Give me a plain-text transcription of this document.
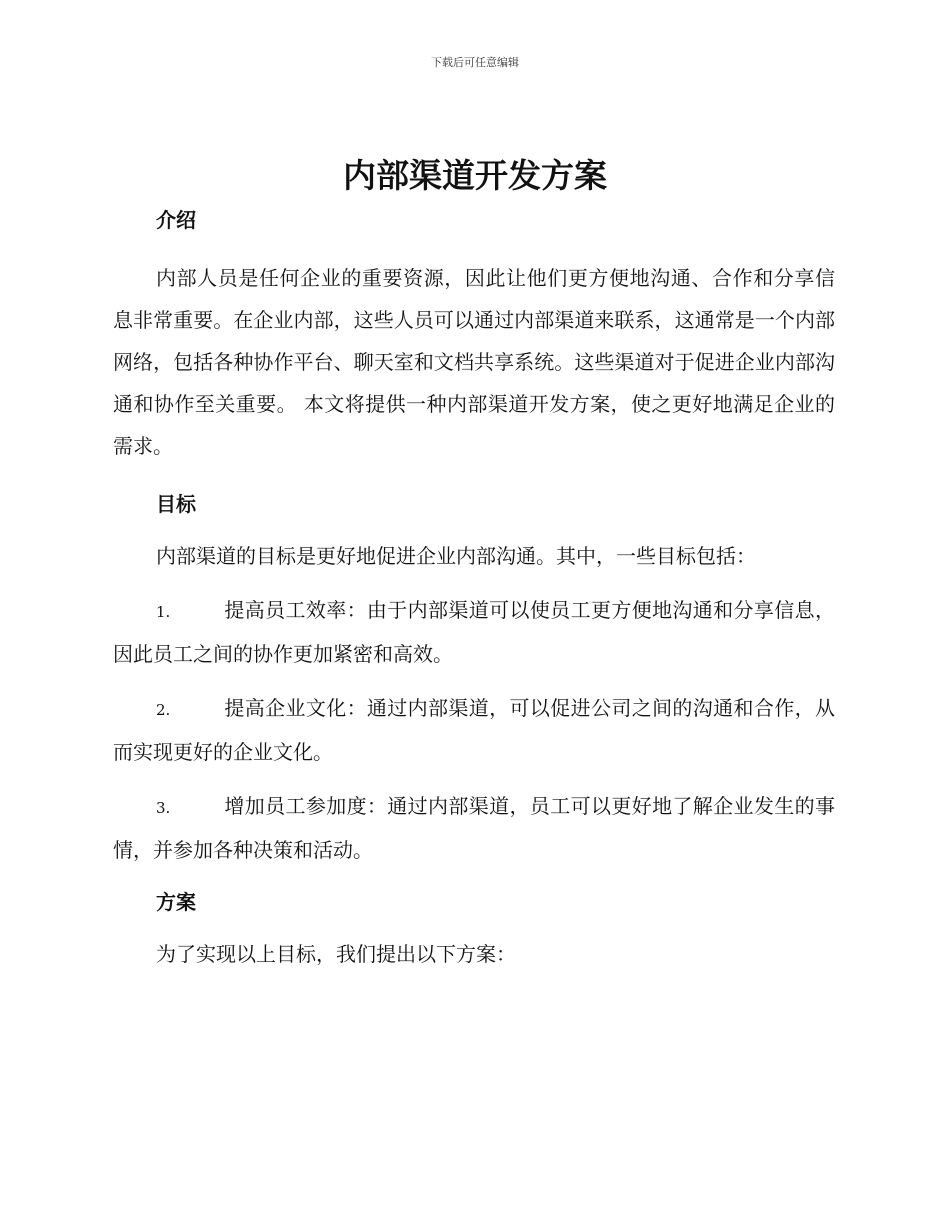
下载后可任意编辑
内部渠道开发方案

介绍

内部人员是任何企业的重要资源，因此让他们更方便地沟通、合作和分享信息非常重要。在企业内部，这些人员可以通过内部渠道来联系，这通常是一个内部网络，包括各种协作平台、聊天室和文档共享系统。这些渠道对于促进企业内部沟通和协作至关重要。 本文将提供一种内部渠道开发方案，使之更好地满足企业的需求。

目标

内部渠道的目标是更好地促进企业内部沟通。其中，一些目标包括：

1.	提高员工效率：由于内部渠道可以使员工更方便地沟通和分享信息，因此员工之间的协作更加紧密和高效。

2.	提高企业文化：通过内部渠道，可以促进公司之间的沟通和合作，从而实现更好的企业文化。

3.	增加员工参加度：通过内部渠道，员工可以更好地了解企业发生的事情，并参加各种决策和活动。

方案

为了实现以上目标，我们提出以下方案：
